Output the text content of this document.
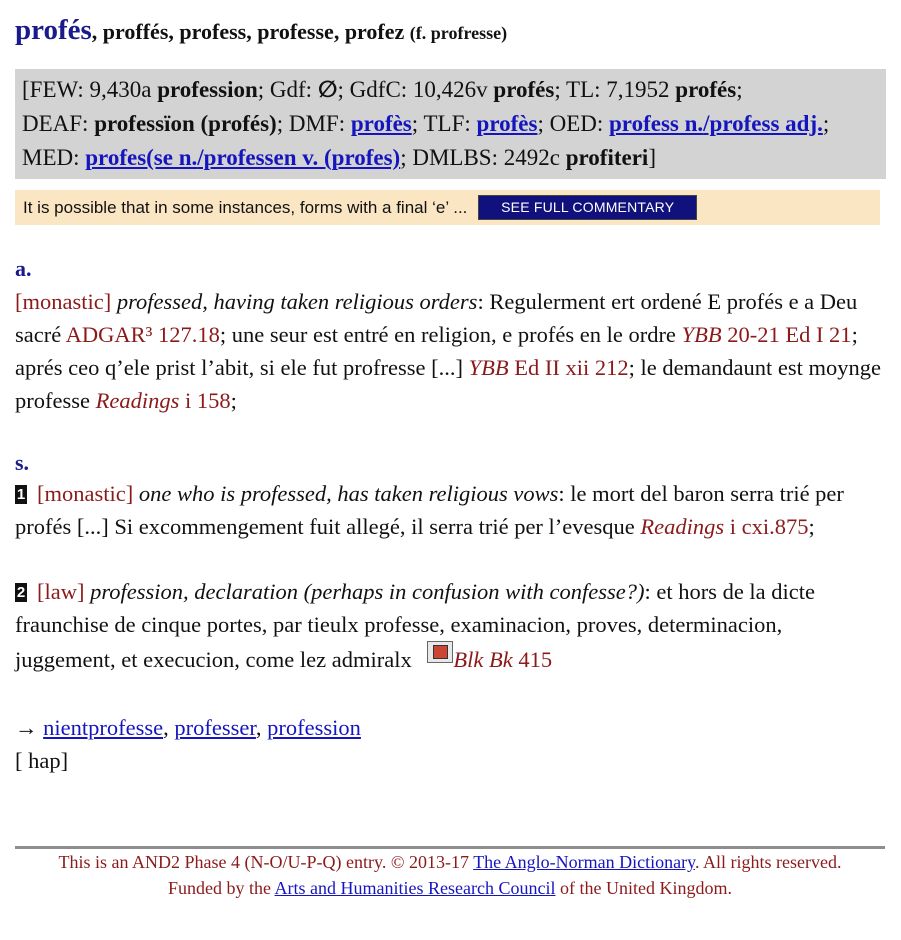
profés, proffés, profess, professe, profez (f. profresse)
[FEW: 9,430a profession; Gdf: ∅; GdfC: 10,426v profés; TL: 7,1952 profés;
DEAF: professïon (profés); DMF: profès; TLF: profès; OED: profess n./profess adj.; MED: profes(se n./professen v. (profes); DMLBS: 2492c profiteri]
It is possible that in some instances, forms with a final ‘e’ ... SEE FULL COMMENTARY
a.
[monastic] professed, having taken religious orders: Regulerment ert ordené E profés e a Deu sacré ADGAR³ 127.18; une seur est entré en religion, e profés en le ordre YBB 20-21 Ed I 21; aprés ceo q’ele prist l’abit, si ele fut profresse [...] YBB Ed II xii 212; le demandaunt est moynge professe Readings i 158;
s.
1 [monastic] one who is professed, has taken religious vows: le mort del baron serra trié per profés [...] Si excommengement fuit allegé, il serra trié per l’evesque Readings i cxi.875;
2 [law] profession, declaration (perhaps in confusion with confesse?): et hors de la dicte fraunchise de cinque portes, par tieulx professe, examinacion, proves, determinacion, juggement, et execucion, come lez admiralx Blk Bk 415
→ nientprofesse, professer, profession
[ hap]
This is an AND2 Phase 4 (N-O/U-P-Q) entry. © 2013-17 The Anglo-Norman Dictionary. All rights reserved.
Funded by the Arts and Humanities Research Council of the United Kingdom.
